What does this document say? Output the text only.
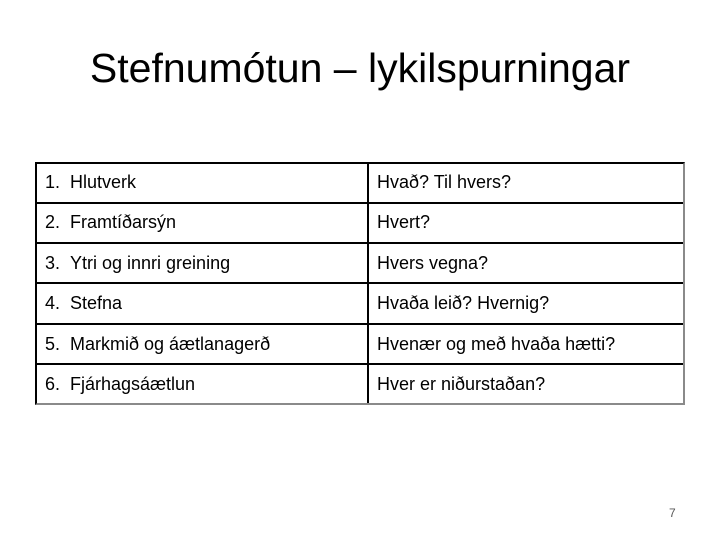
Stefnumótun – lykilspurningar
1. Hlutverk	Hvað? Til hvers?
2. Framtíðarsýn	Hvert?
3. Ytri og innri greining	Hvers vegna?
4. Stefna	Hvaða leið? Hvernig?
5. Markmið og áætlanagerð	Hvenær og með hvaða hætti?
6. Fjárhagsáætlun	Hver er niðurstaðan?
7
